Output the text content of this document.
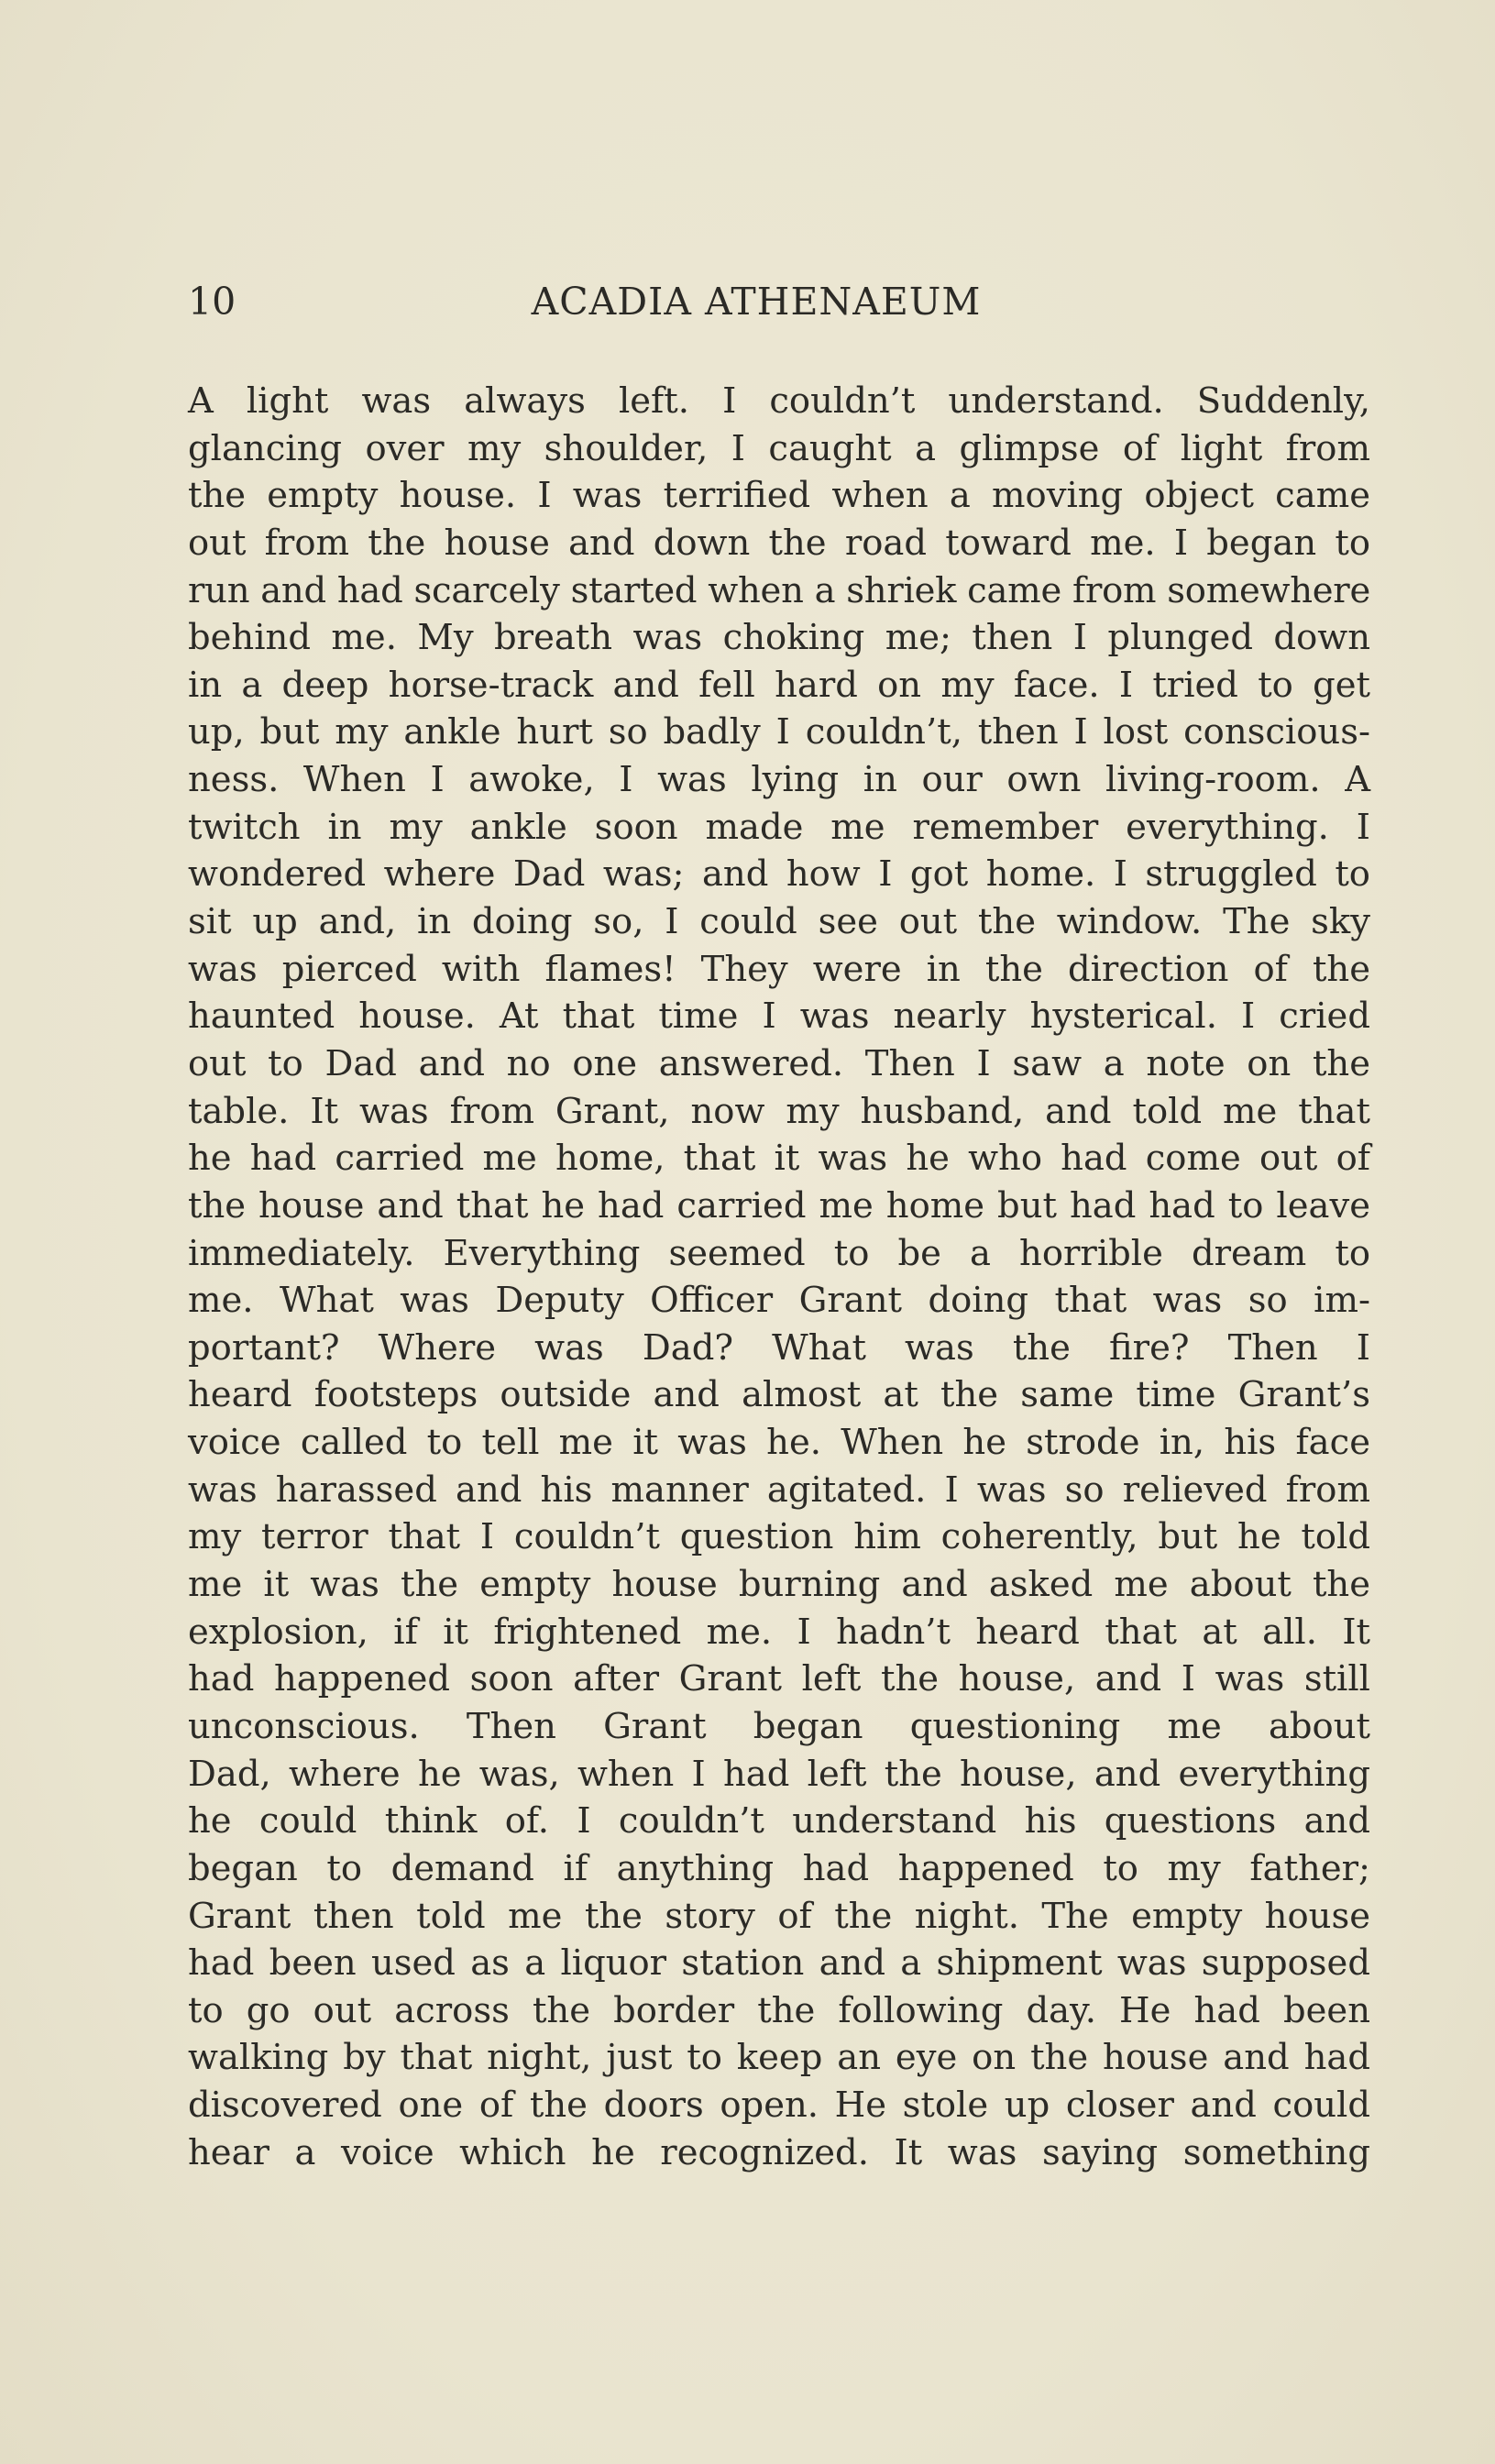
10	ACADIA ATHENAEUM
A light was always left. I couldn’t understand. Suddenly,
glancing over my shoulder, I caught a glimpse of light from
the empty house. I was terrified when a moving object came
out from the house and down the road toward me. I began to
run and had scarcely started when a shriek came from somewhere
behind me. My breath was choking me; then I plunged down
in a deep horse-track and fell hard on my face. I tried to get
up, but my ankle hurt so badly I couldn’t, then I lost conscious-
ness. When I awoke, I was lying in our own living-room. A
twitch in my ankle soon made me remember everything. I
wondered where Dad was; and how I got home. I struggled to
sit up and, in doing so, I could see out the window. The sky
was pierced with flames! They were in the direction of the
haunted house. At that time I was nearly hysterical. I cried
out to Dad and no one answered. Then I saw a note on the
table. It was from Grant, now my husband, and told me that
he had carried me home, that it was he who had come out of
the house and that he had carried me home but had had to leave
immediately. Everything seemed to be a horrible dream to
me. What was Deputy Officer Grant doing that was so im-
portant? Where was Dad? What was the fire? Then I
heard footsteps outside and almost at the same time Grant’s
voice called to tell me it was he. When he strode in, his face
was harassed and his manner agitated. I was so relieved from
my terror that I couldn’t question him coherently, but he told
me it was the empty house burning and asked me about the
explosion, if it frightened me. I hadn’t heard that at all. It
had happened soon after Grant left the house, and I was still
unconscious. Then Grant began questioning me about
Dad, where he was, when I had left the house, and everything
he could think of. I couldn’t understand his questions and
began to demand if anything had happened to my father;
Grant then told me the story of the night. The empty house
had been used as a liquor station and a shipment was supposed
to go out across the border the following day. He had been
walking by that night, just to keep an eye on the house and had
discovered one of the doors open. He stole up closer and could
hear a voice which he recognized. It was saying something
